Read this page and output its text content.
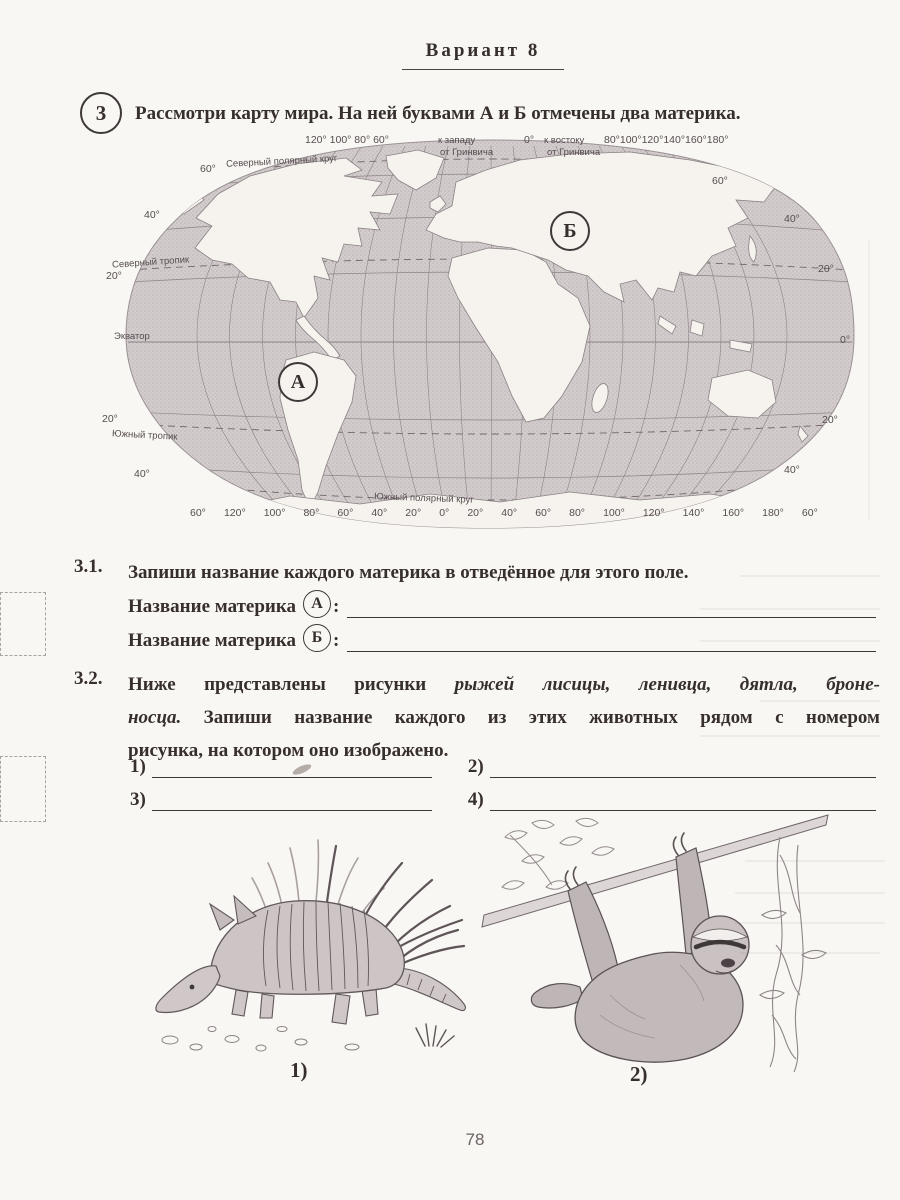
Вариант 8
3 Рассмотри карту мира. На ней буквами А и Б отмечены два материка.
120° 100° 80° 60°	к западу
от Гринвича
0° к востоку
от Гринвича
80°100°120°140°160°180°
Северный полярный круг
Северный тропик
Экватор
Южный тропик
Южный полярный круг
60°
40°
20°
20°
40°
60°
40°
20°
0°
20°
40°
60° 120° 100° 80° 60° 40° 20° 0° 20° 40° 60° 80° 100° 120° 140° 160° 180° 60°
А
Б
3.1. Запиши название каждого материка в отведённое для этого поле.
Название материка А :
Название материка Б :
3.2. Ниже представлены рисунки рыжей лисицы, ленивца, дятла, броне-
носца. Запиши название каждого из этих животных рядом с номером
рисунка, на котором оно изображено.
1)	2)
3)	4)
1)	2)
78
